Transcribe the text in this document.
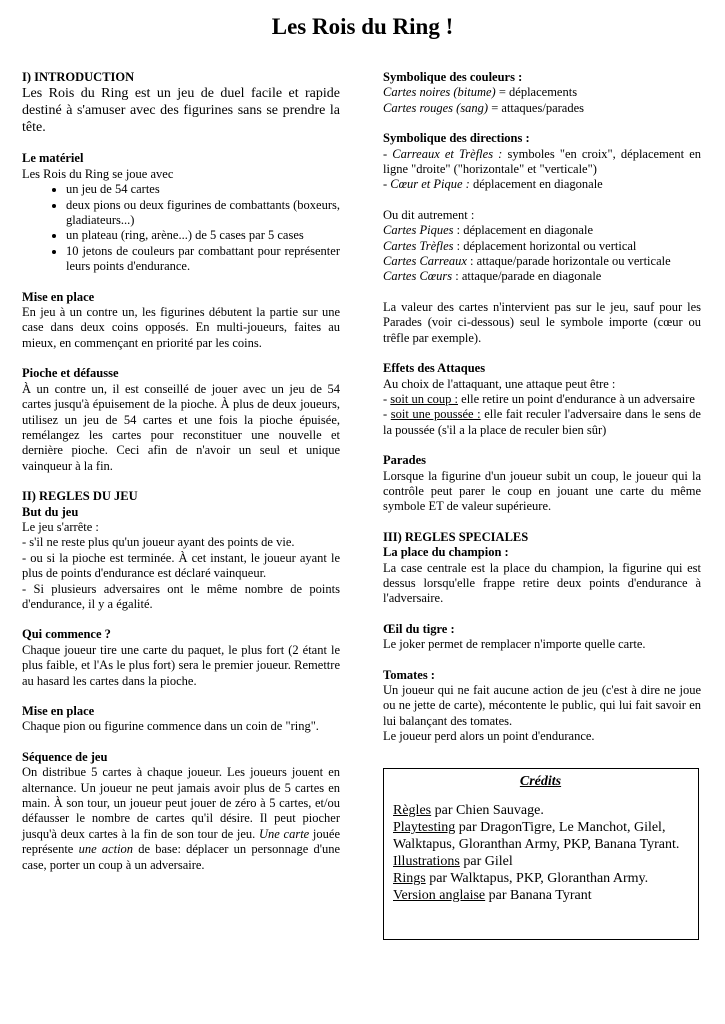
Les Rois du Ring !

I) INTRODUCTION

Les Rois du Ring est un jeu de duel facile et rapide destiné à s'amuser avec des figurines sans se prendre la tête.

Le matériel

Les Rois du Ring se joue avec

• un jeu de 54 cartes
• deux pions ou deux figurines de combattants (boxeurs, gladiateurs...)
• un plateau (ring, arène...) de 5 cases par 5 cases
• 10 jetons de couleurs par combattant pour représenter leurs points d'endurance.

Mise en place

En jeu à un contre un, les figurines débutent la partie sur une case dans deux coins opposés. En multi-joueurs, faites au mieux, en commençant en priorité par les coins.

Pioche et défausse

À un contre un, il est conseillé de jouer avec un jeu de 54 cartes jusqu'à épuisement de la pioche. À plus de deux joueurs, utilisez un jeu de 54 cartes et une fois la pioche épuisée, remélangez les cartes pour reconstituer une nouvelle et dernière pioche. Ceci afin de n'avoir un seul et unique vainqueur à la fin.

II) REGLES DU JEU

But du jeu

Le jeu s'arrête :

- s'il ne reste plus qu'un joueur ayant des points de vie.

- ou si la pioche est terminée. À cet instant, le joueur ayant le plus de points d'endurance est déclaré vainqueur.

- Si plusieurs adversaires ont le même nombre de points d'endurance, il y a égalité.

Qui commence ?

Chaque joueur tire une carte du paquet, le plus fort (2 étant le plus faible, et l'As le plus fort) sera le premier joueur. Remettre au hasard les cartes dans la pioche.

Mise en place

Chaque pion ou figurine commence dans un coin de "ring".

Séquence de jeu

On distribue 5 cartes à chaque joueur. Les joueurs jouent en alternance. Un joueur ne peut jamais avoir plus de 5 cartes en main. À son tour, un joueur peut jouer de zéro à 5 cartes, et/ou défausser le nombre de cartes qu'il désire. Il peut piocher jusqu'à deux cartes à la fin de son tour de jeu. Une carte jouée représente une action de base: déplacer un personnage d'une case, porter un coup à un adversaire.

Symbolique des couleurs :

Cartes noires (bitume) = déplacements

Cartes rouges (sang) = attaques/parades

Symbolique des directions :

- Carreaux et Trèfles : symboles "en croix", déplacement en ligne "droite" ("horizontale" et "verticale")

- Cœur et Pique : déplacement en diagonale

Ou dit autrement :

Cartes Piques : déplacement en diagonale

Cartes Trèfles : déplacement horizontal ou vertical

Cartes Carreaux : attaque/parade horizontale ou verticale

Cartes Cœurs : attaque/parade en diagonale

La valeur des cartes n'intervient pas sur le jeu, sauf pour les Parades (voir ci-dessous) seul le symbole importe (cœur ou trêfle par exemple).

Effets des Attaques

Au choix de l'attaquant, une attaque peut être :

- soit un coup : elle retire un point d'endurance à un adversaire

- soit une poussée : elle fait reculer l'adversaire dans le sens de la poussée (s'il a la place de reculer bien sûr)

Parades

Lorsque la figurine d'un joueur subit un coup, le joueur qui la contrôle peut parer le coup en jouant une carte du même symbole ET de valeur supérieure.

III) REGLES SPECIALES

La place du champion :

La case centrale est la place du champion, la figurine qui est dessus lorsqu'elle frappe retire deux points d'endurance à l'adversaire.

Œil du tigre :

Le joker permet de remplacer n'importe quelle carte.

Tomates :

Un joueur qui ne fait aucune action de jeu (c'est à dire ne joue ou ne jette de carte), mécontente le public, qui lui fait savoir en lui balançant des tomates.

Le joueur perd alors un point d'endurance.

Crédits

Règles par Chien Sauvage.

Playtesting par DragonTigre, Le Manchot, Gilel, Walktapus, Gloranthan Army, PKP, Banana Tyrant.

Illustrations par Gilel

Rings par Walktapus, PKP, Gloranthan Army.

Version anglaise par Banana Tyrant
